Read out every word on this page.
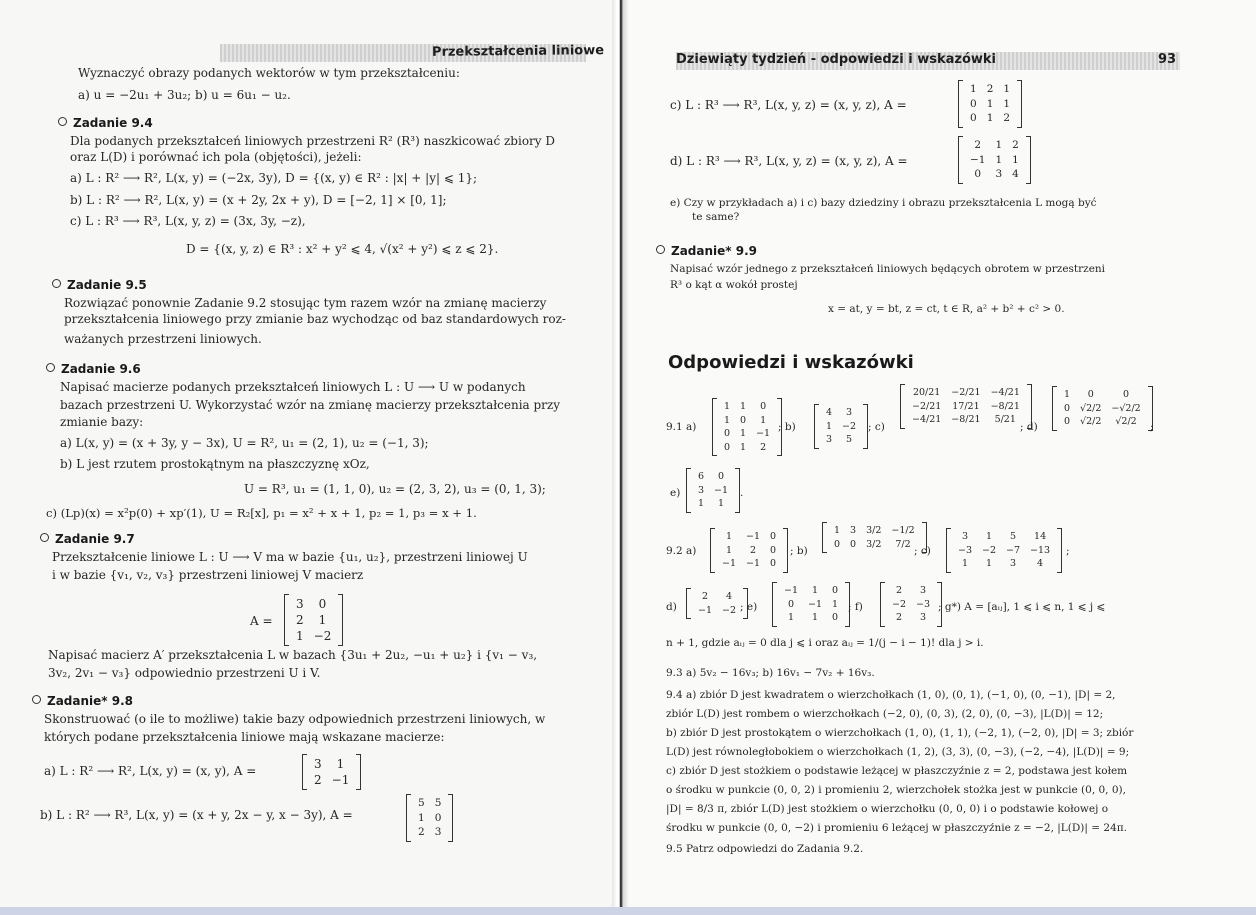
Przekształcenia liniowe
Wyznaczyć obrazy podanych wektorów w tym przekształceniu:
a) u = −2u₁ + 3u₂; b) u = 6u₁ − u₂.
Zadanie 9.4
Dla podanych przekształceń liniowych przestrzeni R² (R³) naszkicować zbiory D
oraz L(D) i porównać ich pola (objętości), jeżeli:
a) L : R² ⟶ R², L(x, y) = (−2x, 3y), D = {(x, y) ∈ R² : |x| + |y| ⩽ 1};
b) L : R² ⟶ R², L(x, y) = (x + 2y, 2x + y), D = [−2, 1] × [0, 1];
c) L : R³ ⟶ R³, L(x, y, z) = (3x, 3y, −z),
D = {(x, y, z) ∈ R³ : x² + y² ⩽ 4, √(x² + y²) ⩽ z ⩽ 2}.
Zadanie 9.5
Rozwiązać ponownie Zadanie 9.2 stosując tym razem wzór na zmianę macierzy
przekształcenia liniowego przy zmianie baz wychodząc od baz standardowych roz-
ważanych przestrzeni liniowych.
Zadanie 9.6
Napisać macierze podanych przekształceń liniowych L : U ⟶ U w podanych
bazach przestrzeni U. Wykorzystać wzór na zmianę macierzy przekształcenia przy
zmianie bazy:
a) L(x, y) = (x + 3y, y − 3x), U = R², u₁ = (2, 1), u₂ = (−1, 3);
b) L jest rzutem prostokątnym na płaszczyznę xOz,
U = R³, u₁ = (1, 1, 0), u₂ = (2, 3, 2), u₃ = (0, 1, 3);
c) (Lp)(x) = x²p(0) + xp′(1), U = R₂[x], p₁ = x² + x + 1, p₂ = 1, p₃ = x + 1.
Zadanie 9.7
Przekształcenie liniowe L : U ⟶ V ma w bazie {u₁, u₂}, przestrzeni liniowej U
i w bazie {v₁, v₂, v₃} przestrzeni liniowej V macierz
A =
3	0
2	1
1	−2
Napisać macierz A′ przekształcenia L w bazach {3u₁ + 2u₂, −u₁ + u₂} i {v₁ − v₃,
3v₂, 2v₁ − v₃} odpowiednio przestrzeni U i V.
Zadanie* 9.8
Skonstruować (o ile to możliwe) takie bazy odpowiednich przestrzeni liniowych, w
których podane przekształcenia liniowe mają wskazane macierze:
a) L : R² ⟶ R², L(x, y) = (x, y), A =	3	1
2	−1
b) L : R² ⟶ R³, L(x, y) = (x + y, 2x − y, x − 3y), A =
5	5
1	0
2	3
Dziewiąty tydzień - odpowiedzi i wskazówki	93
c) L : R³ ⟶ R³, L(x, y, z) = (x, y, z), A =
1	2	1
0	1	1
0	1	2
d) L : R³ ⟶ R³, L(x, y, z) = (x, y, z), A =
2	1	2
−1	1	1
0	3	4
e) Czy w przykładach a) i c) bazy dziedziny i obrazu przekształcenia L mogą być
te same?
Zadanie* 9.9
Napisać wzór jednego z przekształceń liniowych będących obrotem w przestrzeni
R³ o kąt α wokół prostej
x = at, y = bt, z = ct, t ∈ R, a² + b² + c² > 0.
Odpowiedzi i wskazówki
9.1 a)
1	1	0
1	0	1
0	1	−1
0	1	2
; b)
4	3
1	−2
3	5
; c)
20/21	−2/21	−4/21
−2/21	17/21	−8/21
−4/21	−8/21	5/21
; d)
1	0	0
0	√2/2	−√2/2
0	√2/2	√2/2 ;
e)
6	0
3	−1
1	1
.
9.2 a)
1	−1	0
1	2	0
−1	−1	0
; b)
1	3	3/2	−1/2
0	0	3/2	7/2
; c)
3	1	5	14
−3	−2	−7	−13
1	1	3	4
;
d)
2	4
−1	−2 ; e)
−1	1	0
0	−1	1
1	1	0
; f)
2	3
−2	−3
2	3
; g*) A = [aᵢⱼ], 1 ⩽ i ⩽ n, 1 ⩽ j ⩽
n + 1, gdzie aᵢⱼ = 0 dla j ⩽ i oraz aᵢⱼ = 1/(j − i − 1)! dla j > i.
9.3 a) 5v₂ − 16v₃; b) 16v₁ − 7v₂ + 16v₃.
9.4 a) zbiór D jest kwadratem o wierzchołkach (1, 0), (0, 1), (−1, 0), (0, −1), |D| = 2,
zbiór L(D) jest rombem o wierzchołkach (−2, 0), (0, 3), (2, 0), (0, −3), |L(D)| = 12;
b) zbiór D jest prostokątem o wierzchołkach (1, 0), (1, 1), (−2, 1), (−2, 0), |D| = 3; zbiór
L(D) jest równoległobokiem o wierzchołkach (1, 2), (3, 3), (0, −3), (−2, −4), |L(D)| = 9;
c) zbiór D jest stożkiem o podstawie leżącej w płaszczyźnie z = 2, podstawa jest kołem
o środku w punkcie (0, 0, 2) i promieniu 2, wierzchołek stożka jest w punkcie (0, 0, 0),
|D| = 8/3 π, zbiór L(D) jest stożkiem o wierzchołku (0, 0, 0) i o podstawie kołowej o
środku w punkcie (0, 0, −2) i promieniu 6 leżącej w płaszczyźnie z = −2, |L(D)| = 24π.
9.5 Patrz odpowiedzi do Zadania 9.2.
